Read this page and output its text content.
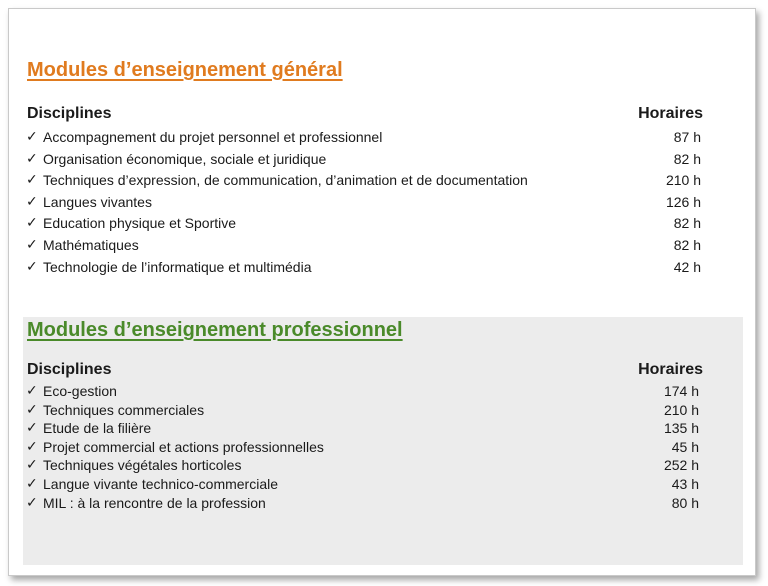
Modules d’enseignement général
Disciplines	Horaires
✓ Accompagnement du projet personnel et professionnel	87 h
✓ Organisation économique, sociale et juridique	82 h
✓ Techniques d’expression, de communication, d’animation et de documentation	210 h
✓ Langues vivantes	126 h
✓ Education physique et Sportive	82 h
✓ Mathématiques	82 h
✓ Technologie de l’informatique et multimédia	42 h
Modules d’enseignement professionnel
Disciplines	Horaires
✓ Eco-gestion	174 h
✓ Techniques commerciales	210 h
✓ Etude de la filière	135 h
✓ Projet commercial et actions professionnelles	45 h
✓ Techniques végétales horticoles	252 h
✓ Langue vivante technico-commerciale	43 h
✓ MIL : à la rencontre de la profession	80 h
